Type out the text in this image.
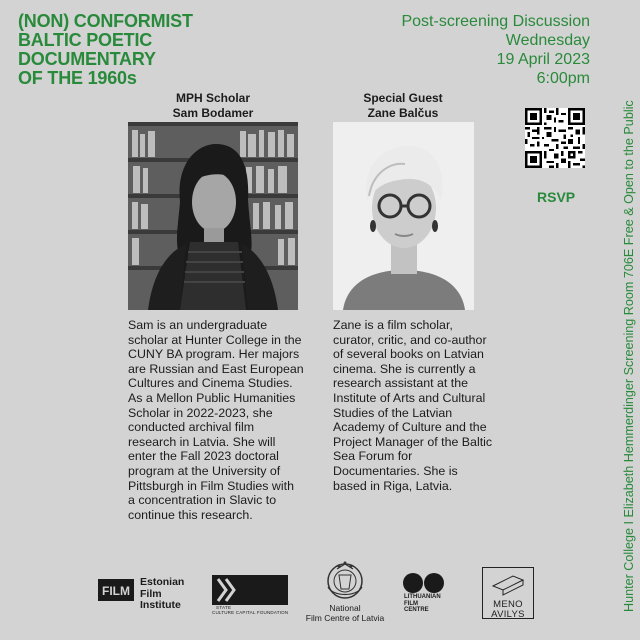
(NON) CONFORMIST
BALTIC POETIC
DOCUMENTARY
OF THE 1960s
Post-screening Discussion
Wednesday
19 April 2023
6:00pm
MPH Scholar
Sam Bodamer
Special Guest
Zane Balčus
Sam is an undergraduate scholar at Hunter College in the CUNY BA program. Her majors are Russian and East European Cultures and Cinema Studies. As a Mellon Public Humanities Scholar in 2022-2023, she conducted archival film research in Latvia. She will enter the Fall 2023 doctoral program at the University of Pittsburgh in Film Studies with a concentration in Slavic to continue this research.
Zane is a film scholar, curator, critic, and co-author of several books on Latvian cinema. She is currently a research assistant at the Institute of Arts and Cultural Studies of the Latvian Academy of Culture and the Project Manager of the Baltic Sea Forum for Documentaries. She is based in Riga, Latvia.
RSVP	Hunter College I Elizabeth Hemmerdinger Screening Room 706E Free & Open to the Public
FILM
Estonian
Film
Institute	STATE
CULTURE CAPITAL FOUNDATION	National
Film Centre of Latvia
LITHUANIAN
FILM
CENTRE	MENO
AVILYS
